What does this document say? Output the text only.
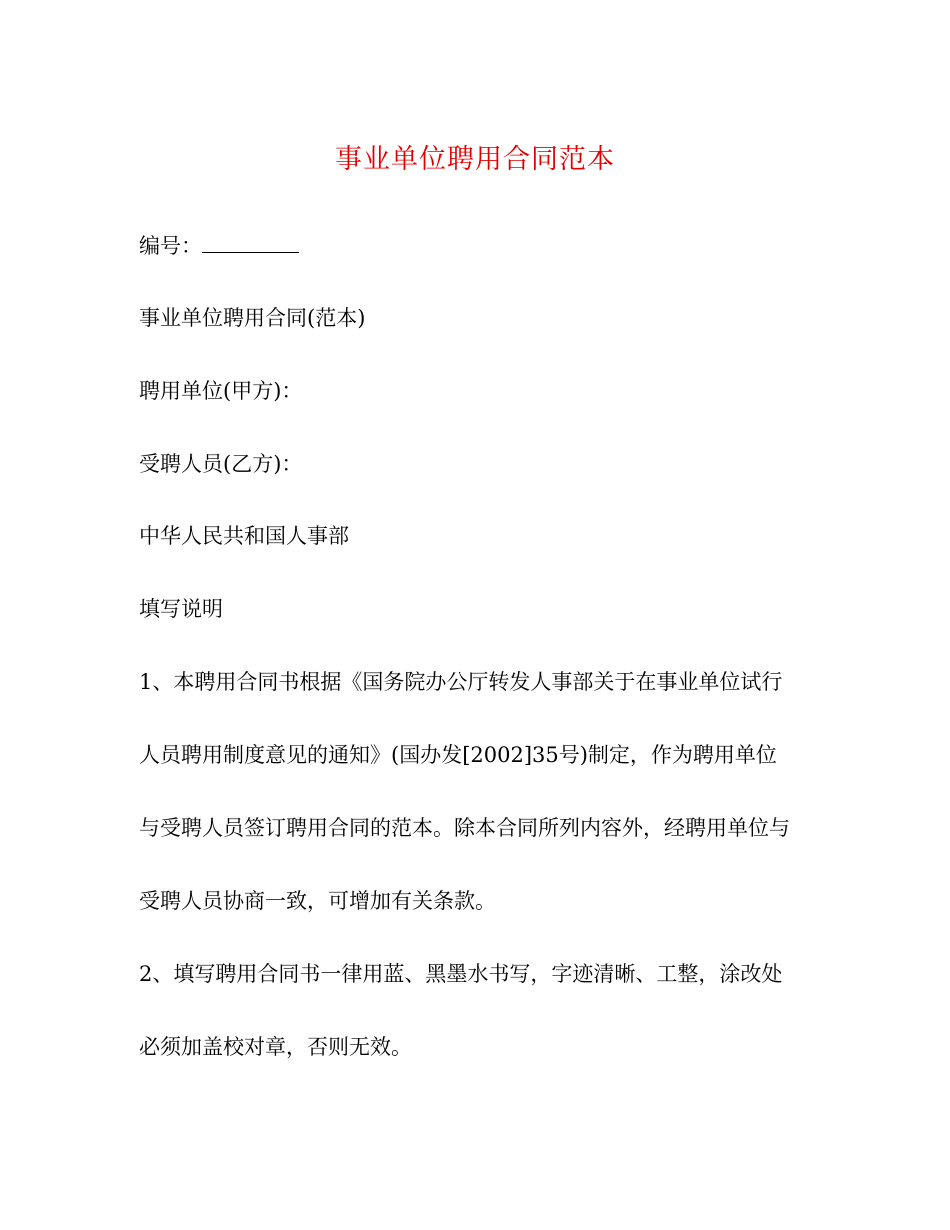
事业单位聘用合同范本
编号：
事业单位聘用合同(范本)
聘用单位(甲方)：
受聘人员(乙方)：
中华人民共和国人事部
填写说明
1、本聘用合同书根据《国务院办公厅转发人事部关于在事业单位试行
人员聘用制度意见的通知》(国办发[2002]35号)制定，作为聘用单位
与受聘人员签订聘用合同的范本。除本合同所列内容外，经聘用单位与
受聘人员协商一致，可增加有关条款。
2、填写聘用合同书一律用蓝、黑墨水书写，字迹清晰、工整，涂改处
必须加盖校对章，否则无效。
